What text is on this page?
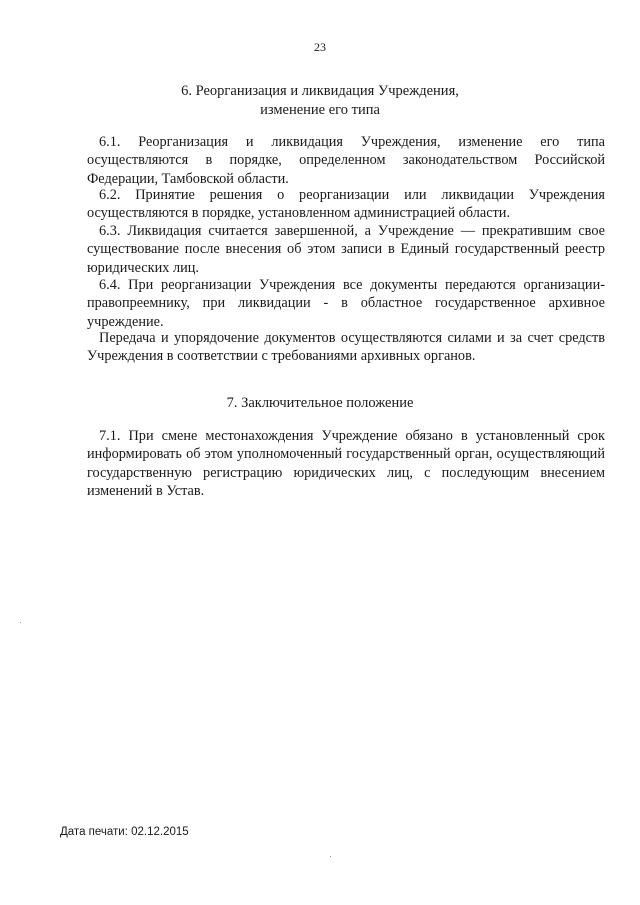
23
6. Реорганизация и ликвидация Учреждения,
изменение его типа

6.1. Реорганизация и ликвидация Учреждения, изменение его типа осуществляются в порядке, определенном законодательством Российской Федерации, Тамбовской области.

6.2. Принятие решения о реорганизации или ликвидации Учреждения осуществляются в порядке, установленном администрацией области.

6.3. Ликвидация считается завершенной, а Учреждение — прекратившим свое существование после внесения об этом записи в Единый государственный реестр юридических лиц.

6.4. При реорганизации Учреждения все документы передаются организации-правопреемнику, при ликвидации - в областное государственное архивное учреждение.

Передача и упорядочение документов осуществляются силами и за счет средств Учреждения в соответствии с требованиями архивных органов.

7. Заключительное положение

7.1. При смене местонахождения Учреждение обязано в установленный срок информировать об этом уполномоченный государственный орган, осуществляющий государственную регистрацию юридических лиц, с последующим внесением изменений в Устав.

Дата печати: 02.12.2015
